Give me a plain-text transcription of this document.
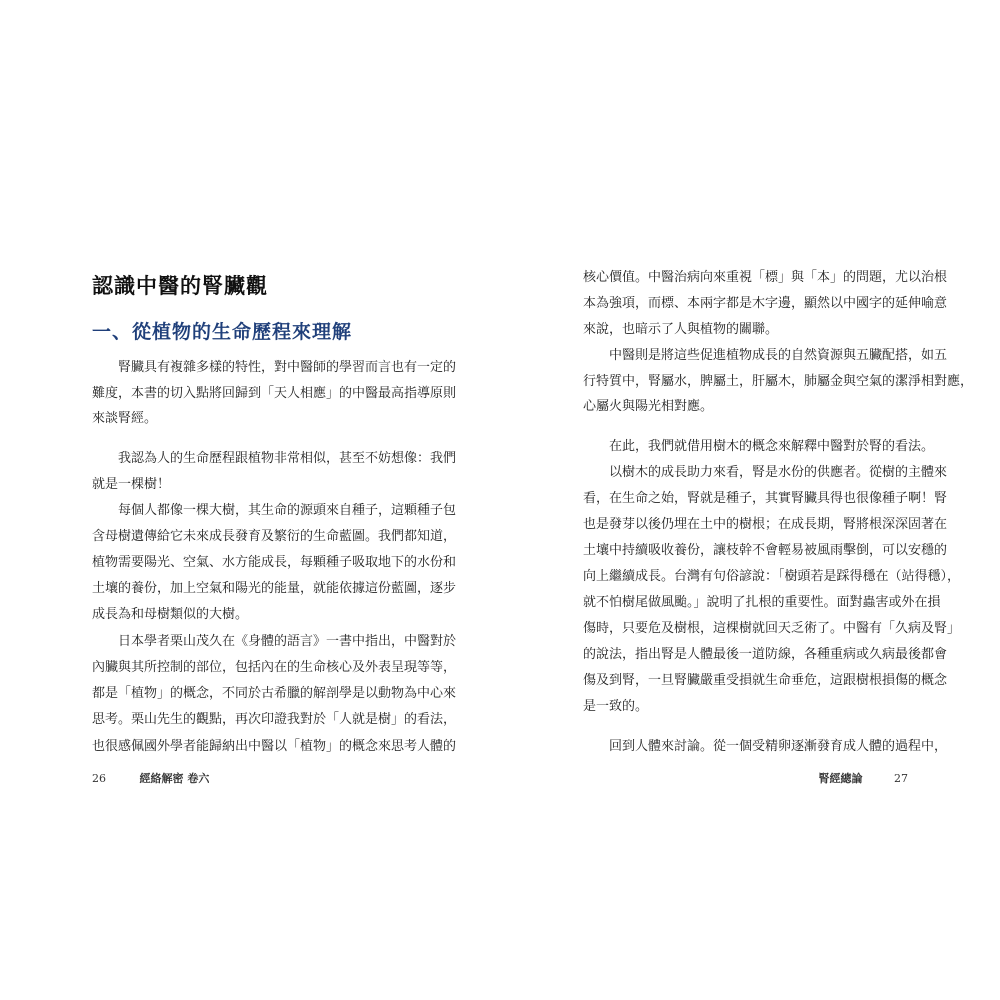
認識中醫的腎臟觀
一、從植物的生命歷程來理解

腎臟具有複雜多樣的特性，對中醫師的學習而言也有一定的

難度，本書的切入點將回歸到「天人相應」的中醫最高指導原則

來談腎經。

我認為人的生命歷程跟植物非常相似，甚至不妨想像：我們

就是一棵樹！

每個人都像一棵大樹，其生命的源頭來自種子，這顆種子包

含母樹遺傳給它未來成長發育及繁衍的生命藍圖。我們都知道，

植物需要陽光、空氣、水方能成長，每顆種子吸取地下的水份和

土壤的養份，加上空氣和陽光的能量，就能依據這份藍圖，逐步

成長為和母樹類似的大樹。

日本學者栗山茂久在《身體的語言》一書中指出，中醫對於

內臟與其所控制的部位，包括內在的生命核心及外表呈現等等，

都是「植物」的概念，不同於古希臘的解剖學是以動物為中心來

思考。栗山先生的觀點，再次印證我對於「人就是樹」的看法，

也很感佩國外學者能歸納出中醫以「植物」的概念來思考人體的

26	經絡解密 卷六

核心價值。中醫治病向來重視「標」與「本」的問題，尤以治根

本為強項，而標、本兩字都是木字邊，顯然以中國字的延伸喻意

來說，也暗示了人與植物的關聯。

中醫則是將這些促進植物成長的自然資源與五臟配搭，如五

行特質中，腎屬水，脾屬土，肝屬木，肺屬金與空氣的潔淨相對應，

心屬火與陽光相對應。

在此，我們就借用樹木的概念來解釋中醫對於腎的看法。

以樹木的成長助力來看，腎是水份的供應者。從樹的主體來

看，在生命之始，腎就是種子，其實腎臟具得也很像種子啊！腎

也是發芽以後仍埋在土中的樹根；在成長期，腎將根深深固著在

土壤中持續吸收養份，讓枝幹不會輕易被風雨擊倒，可以安穩的

向上繼續成長。台灣有句俗諺說：「樹頭若是踩得穩在（站得穩），

就不怕樹尾做風颱。」說明了扎根的重要性。面對蟲害或外在損

傷時，只要危及樹根，這棵樹就回天乏術了。中醫有「久病及腎」

的說法，指出腎是人體最後一道防線，各種重病或久病最後都會

傷及到腎，一旦腎臟嚴重受損就生命垂危，這跟樹根損傷的概念

是一致的。

回到人體來討論。從一個受精卵逐漸發育成人體的過程中，

腎經總論	27
